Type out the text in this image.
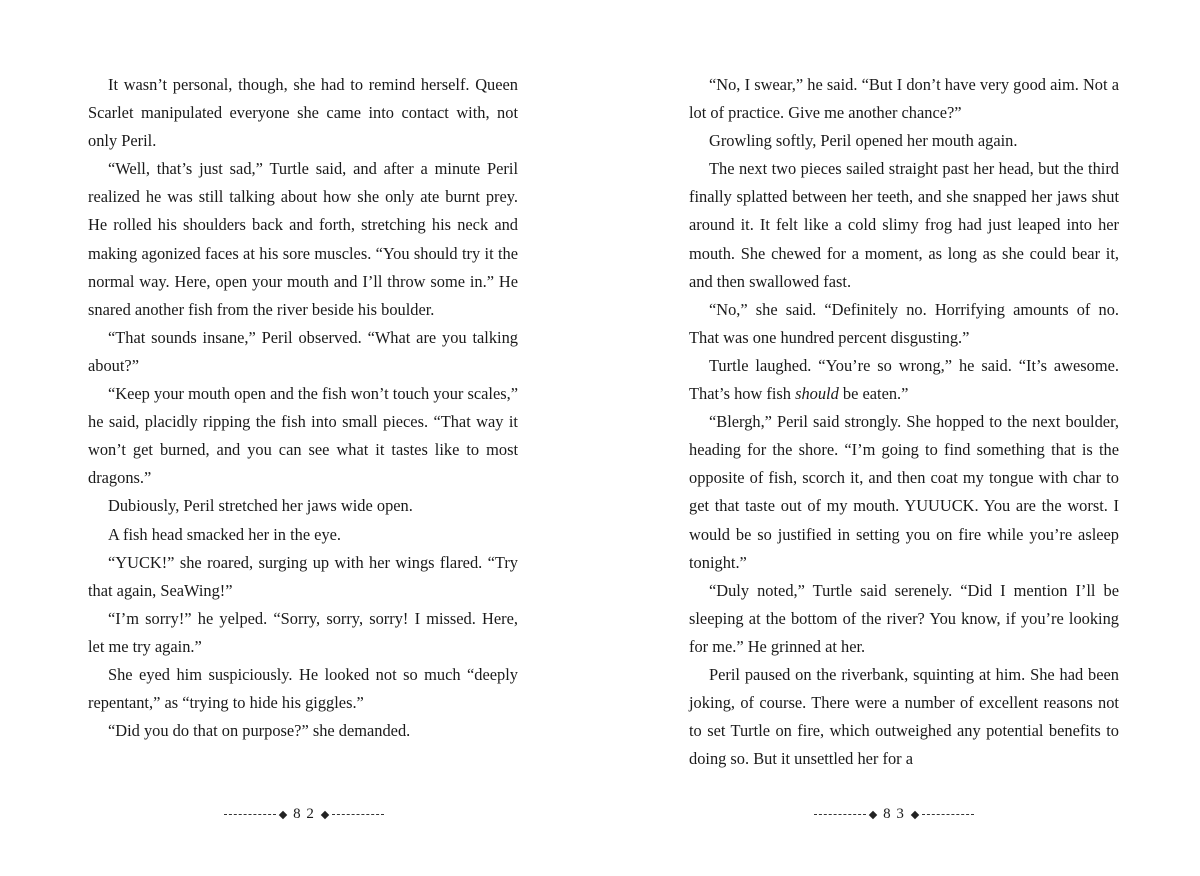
It wasn’t personal, though, she had to remind herself. Queen Scarlet manipulated everyone she came into contact with, not only Peril.

“Well, that’s just sad,” Turtle said, and after a minute Peril realized he was still talking about how she only ate burnt prey. He rolled his shoulders back and forth, stretching his neck and making agonized faces at his sore muscles. “You should try it the normal way. Here, open your mouth and I’ll throw some in.” He snared another fish from the river beside his boulder.

“That sounds insane,” Peril observed. “What are you talking about?”

“Keep your mouth open and the fish won’t touch your scales,” he said, placidly ripping the fish into small pieces. “That way it won’t get burned, and you can see what it tastes like to most dragons.”

Dubiously, Peril stretched her jaws wide open.

A fish head smacked her in the eye.

“YUCK!” she roared, surging up with her wings flared. “Try that again, SeaWing!”

“I’m sorry!” he yelped. “Sorry, sorry, sorry! I missed. Here, let me try again.”

She eyed him suspiciously. He looked not so much “deeply repentant,” as “trying to hide his giggles.”

“Did you do that on purpose?” she demanded.

8 2

“No, I swear,” he said. “But I don’t have very good aim. Not a lot of practice. Give me another chance?”

Growling softly, Peril opened her mouth again.

The next two pieces sailed straight past her head, but the third finally splatted between her teeth, and she snapped her jaws shut around it. It felt like a cold slimy frog had just leaped into her mouth. She chewed for a moment, as long as she could bear it, and then swallowed fast.

“No,” she said. “Definitely no. Horrifying amounts of no. That was one hundred percent disgusting.”

Turtle laughed. “You’re so wrong,” he said. “It’s awesome. That’s how fish should be eaten.”

“Blergh,” Peril said strongly. She hopped to the next boulder, heading for the shore. “I’m going to find something that is the opposite of fish, scorch it, and then coat my tongue with char to get that taste out of my mouth. YUUUCK. You are the worst. I would be so justified in setting you on fire while you’re asleep tonight.”

“Duly noted,” Turtle said serenely. “Did I mention I’ll be sleeping at the bottom of the river? You know, if you’re looking for me.” He grinned at her.

Peril paused on the riverbank, squinting at him. She had been joking, of course. There were a number of excellent reasons not to set Turtle on fire, which outweighed any potential benefits to doing so. But it unsettled her for a

8 3
